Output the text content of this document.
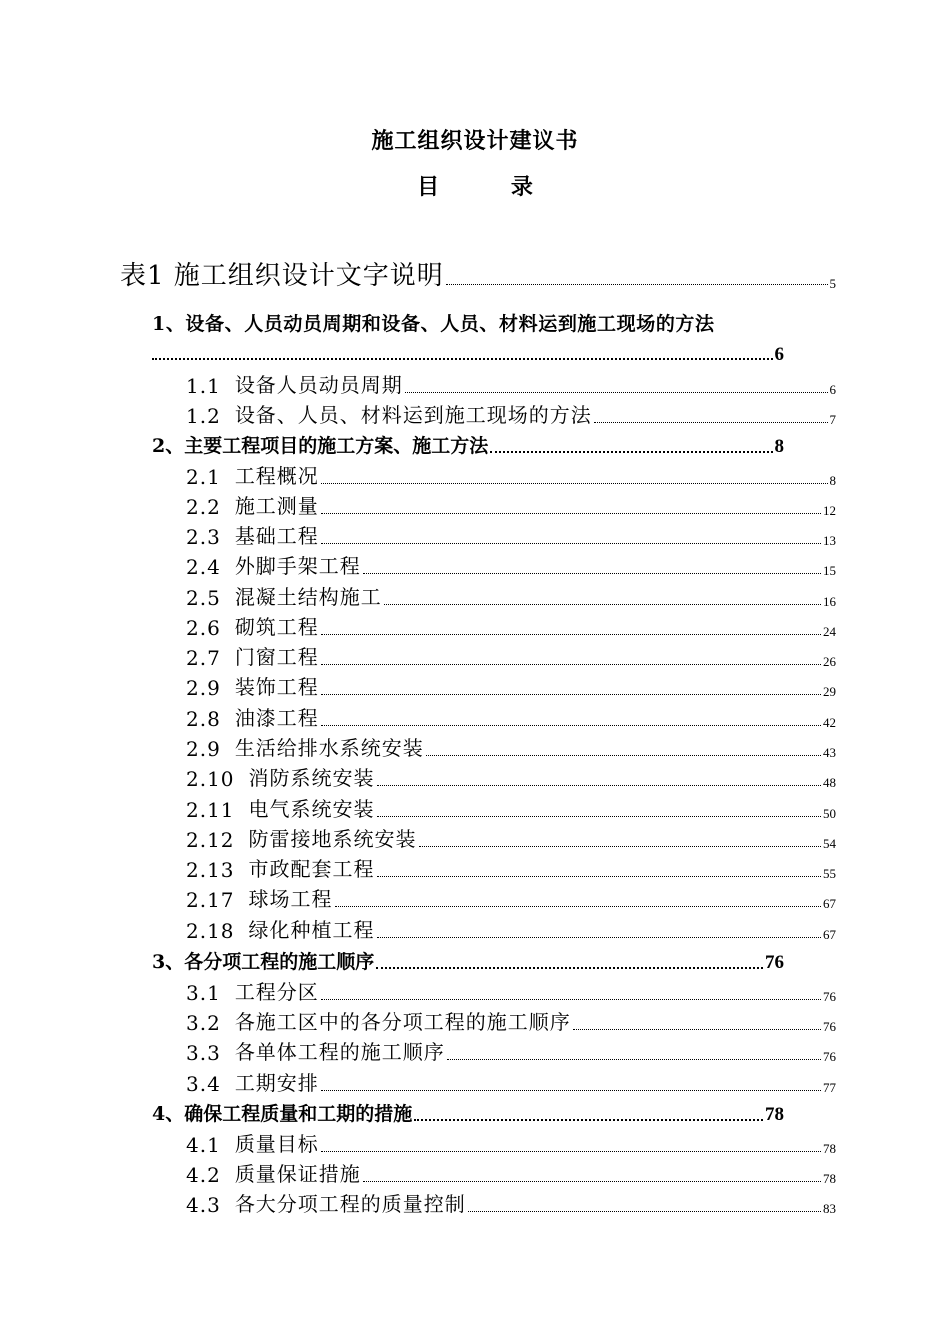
施工组织设计建议书
目 录
表1 施工组织设计文字说明	5
1、设备、人员动员周期和设备、人员、材料运到施工现场的方法
6
1.1 设备人员动员周期	6
1.2 设备、人员、材料运到施工现场的方法	7
2、主要工程项目的施工方案、施工方法	8
2.1 工程概况	8
2.2 施工测量	12
2.3 基础工程	13
2.4 外脚手架工程	15
2.5 混凝土结构施工	16
2.6 砌筑工程	24
2.7 门窗工程	26
2.9 装饰工程	29
2.8 油漆工程	42
2.9 生活给排水系统安装	43
2.10 消防系统安装	48
2.11 电气系统安装	50
2.12 防雷接地系统安装	54
2.13 市政配套工程	55
2.17 球场工程	67
2.18 绿化种植工程	67
3、各分项工程的施工顺序	76
3.1 工程分区	76
3.2 各施工区中的各分项工程的施工顺序	76
3.3 各单体工程的施工顺序	76
3.4 工期安排	77
4、确保工程质量和工期的措施	78
4.1 质量目标	78
4.2 质量保证措施	78
4.3 各大分项工程的质量控制	83
